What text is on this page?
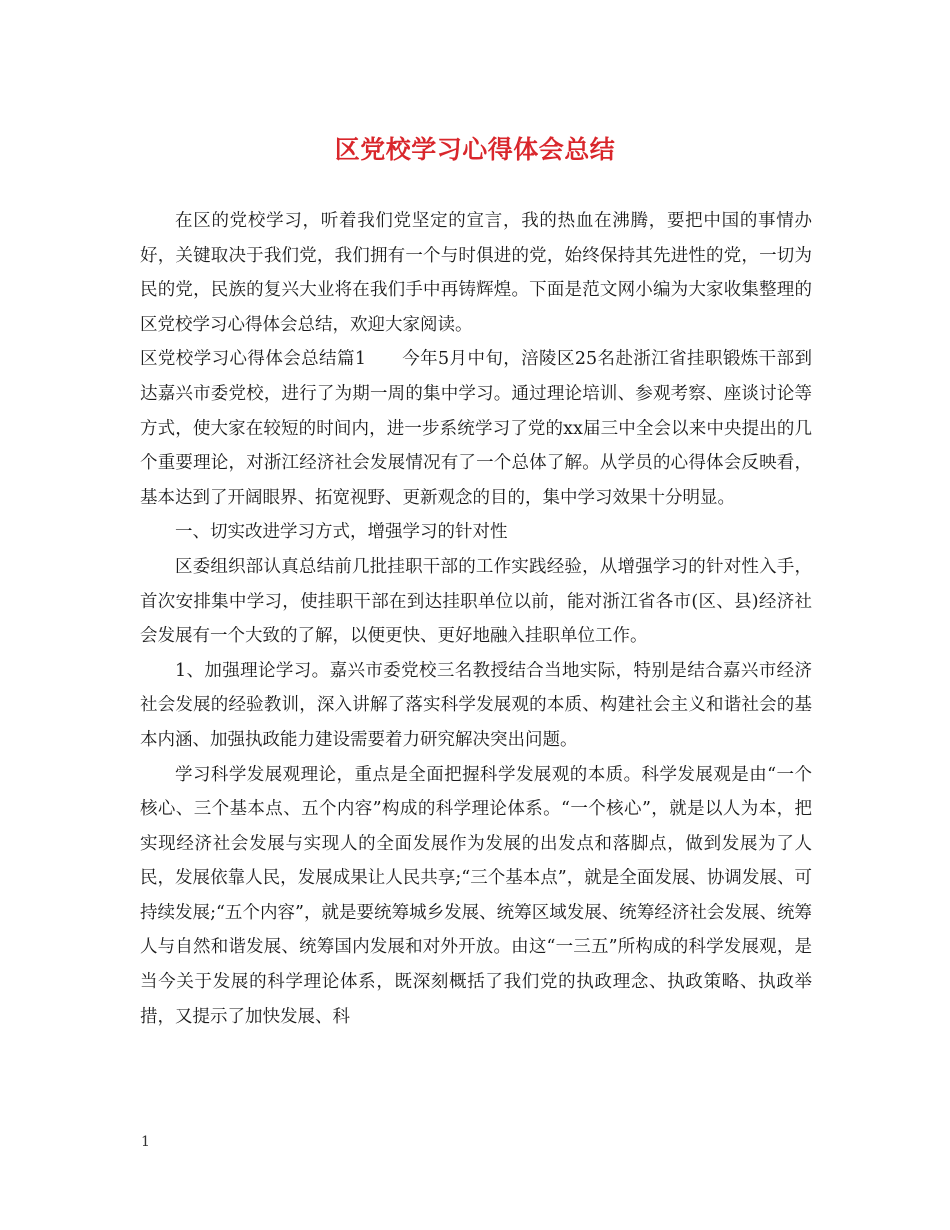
区党校学习心得体会总结

在区的党校学习，听着我们党坚定的宣言，我的热血在沸腾，要把中国的事情办好，关键取决于我们党，我们拥有一个与时俱进的党，始终保持其先进性的党，一切为民的党，民族的复兴大业将在我们手中再铸辉煌。下面是范文网小编为大家收集整理的区党校学习心得体会总结，欢迎大家阅读。

区党校学习心得体会总结篇1　　今年5月中旬，涪陵区25名赴浙江省挂职锻炼干部到达嘉兴市委党校，进行了为期一周的集中学习。通过理论培训、参观考察、座谈讨论等方式，使大家在较短的时间内，进一步系统学习了党的xx届三中全会以来中央提出的几个重要理论，对浙江经济社会发展情况有了一个总体了解。从学员的心得体会反映看，基本达到了开阔眼界、拓宽视野、更新观念的目的，集中学习效果十分明显。

一、切实改进学习方式，增强学习的针对性

区委组织部认真总结前几批挂职干部的工作实践经验，从增强学习的针对性入手，首次安排集中学习，使挂职干部在到达挂职单位以前，能对浙江省各市(区、县)经济社会发展有一个大致的了解，以便更快、更好地融入挂职单位工作。

1、加强理论学习。嘉兴市委党校三名教授结合当地实际，特别是结合嘉兴市经济社会发展的经验教训，深入讲解了落实科学发展观的本质、构建社会主义和谐社会的基本内涵、加强执政能力建设需要着力研究解决突出问题。

学习科学发展观理论，重点是全面把握科学发展观的本质。科学发展观是由“一个核心、三个基本点、五个内容”构成的科学理论体系。“一个核心”，就是以人为本，把实现经济社会发展与实现人的全面发展作为发展的出发点和落脚点，做到发展为了人民，发展依靠人民，发展成果让人民共享;“三个基本点”，就是全面发展、协调发展、可持续发展;“五个内容”，就是要统筹城乡发展、统筹区域发展、统筹经济社会发展、统筹人与自然和谐发展、统筹国内发展和对外开放。由这“一三五”所构成的科学发展观，是当今关于发展的科学理论体系，既深刻概括了我们党的执政理念、执政策略、执政举措，又提示了加快发展、科

1
